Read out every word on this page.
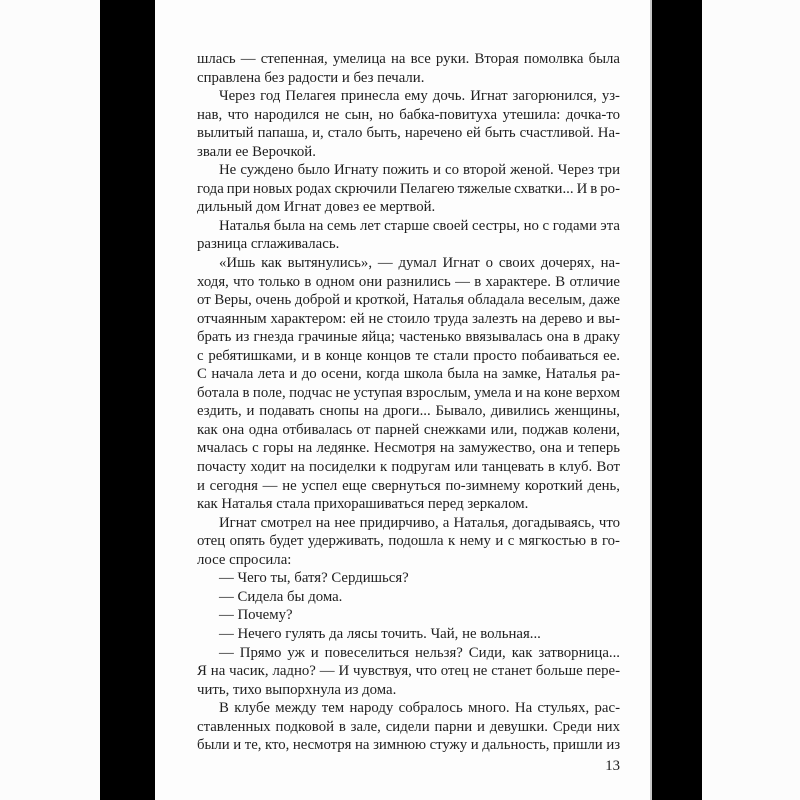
шлась — степенная, умелица на все руки. Вторая помолвка была
справлена без радости и без печали.
Через год Пелагея принесла ему дочь. Игнат загорюнился, уз-
нав, что народился не сын, но бабка-повитуха утешила: дочка-то
вылитый папаша, и, стало быть, наречено ей быть счастливой. На-
звали ее Верочкой.
Не суждено было Игнату пожить и со второй женой. Через три
года при новых родах скрючили Пелагею тяжелые схватки... И в ро-
дильный дом Игнат довез ее мертвой.
Наталья была на семь лет старше своей сестры, но с годами эта
разница сглаживалась.
«Ишь как вытянулись», — думал Игнат о своих дочерях, на-
ходя, что только в одном они разнились — в характере. В отличие
от Веры, очень доброй и кроткой, Наталья обладала веселым, даже
отчаянным характером: ей не стоило труда залезть на дерево и вы-
брать из гнезда грачиные яйца; частенько ввязывалась она в драку
с ребятишками, и в конце концов те стали просто побаиваться ее.
С начала лета и до осени, когда школа была на замке, Наталья ра-
ботала в поле, подчас не уступая взрослым, умела и на коне верхом
ездить, и подавать снопы на дроги... Бывало, дивились женщины,
как она одна отбивалась от парней снежками или, поджав колени,
мчалась с горы на ледянке. Несмотря на замужество, она и теперь
почасту ходит на посиделки к подругам или танцевать в клуб. Вот
и сегодня — не успел еще свернуться по-зимнему короткий день,
как Наталья стала прихорашиваться перед зеркалом.
Игнат смотрел на нее придирчиво, а Наталья, догадываясь, что
отец опять будет удерживать, подошла к нему и с мягкостью в го-
лосе спросила:
— Чего ты, батя? Сердишься?
— Сидела бы дома.
— Почему?
— Нечего гулять да лясы точить. Чай, не вольная...
— Прямо уж и повеселиться нельзя? Сиди, как затворница...
Я на часик, ладно? — И чувствуя, что отец не станет больше пере-
чить, тихо выпорхнула из дома.
В клубе между тем народу собралось много. На стульях, рас-
ставленных подковой в зале, сидели парни и девушки. Среди них
были и те, кто, несмотря на зимнюю стужу и дальность, пришли из
13
